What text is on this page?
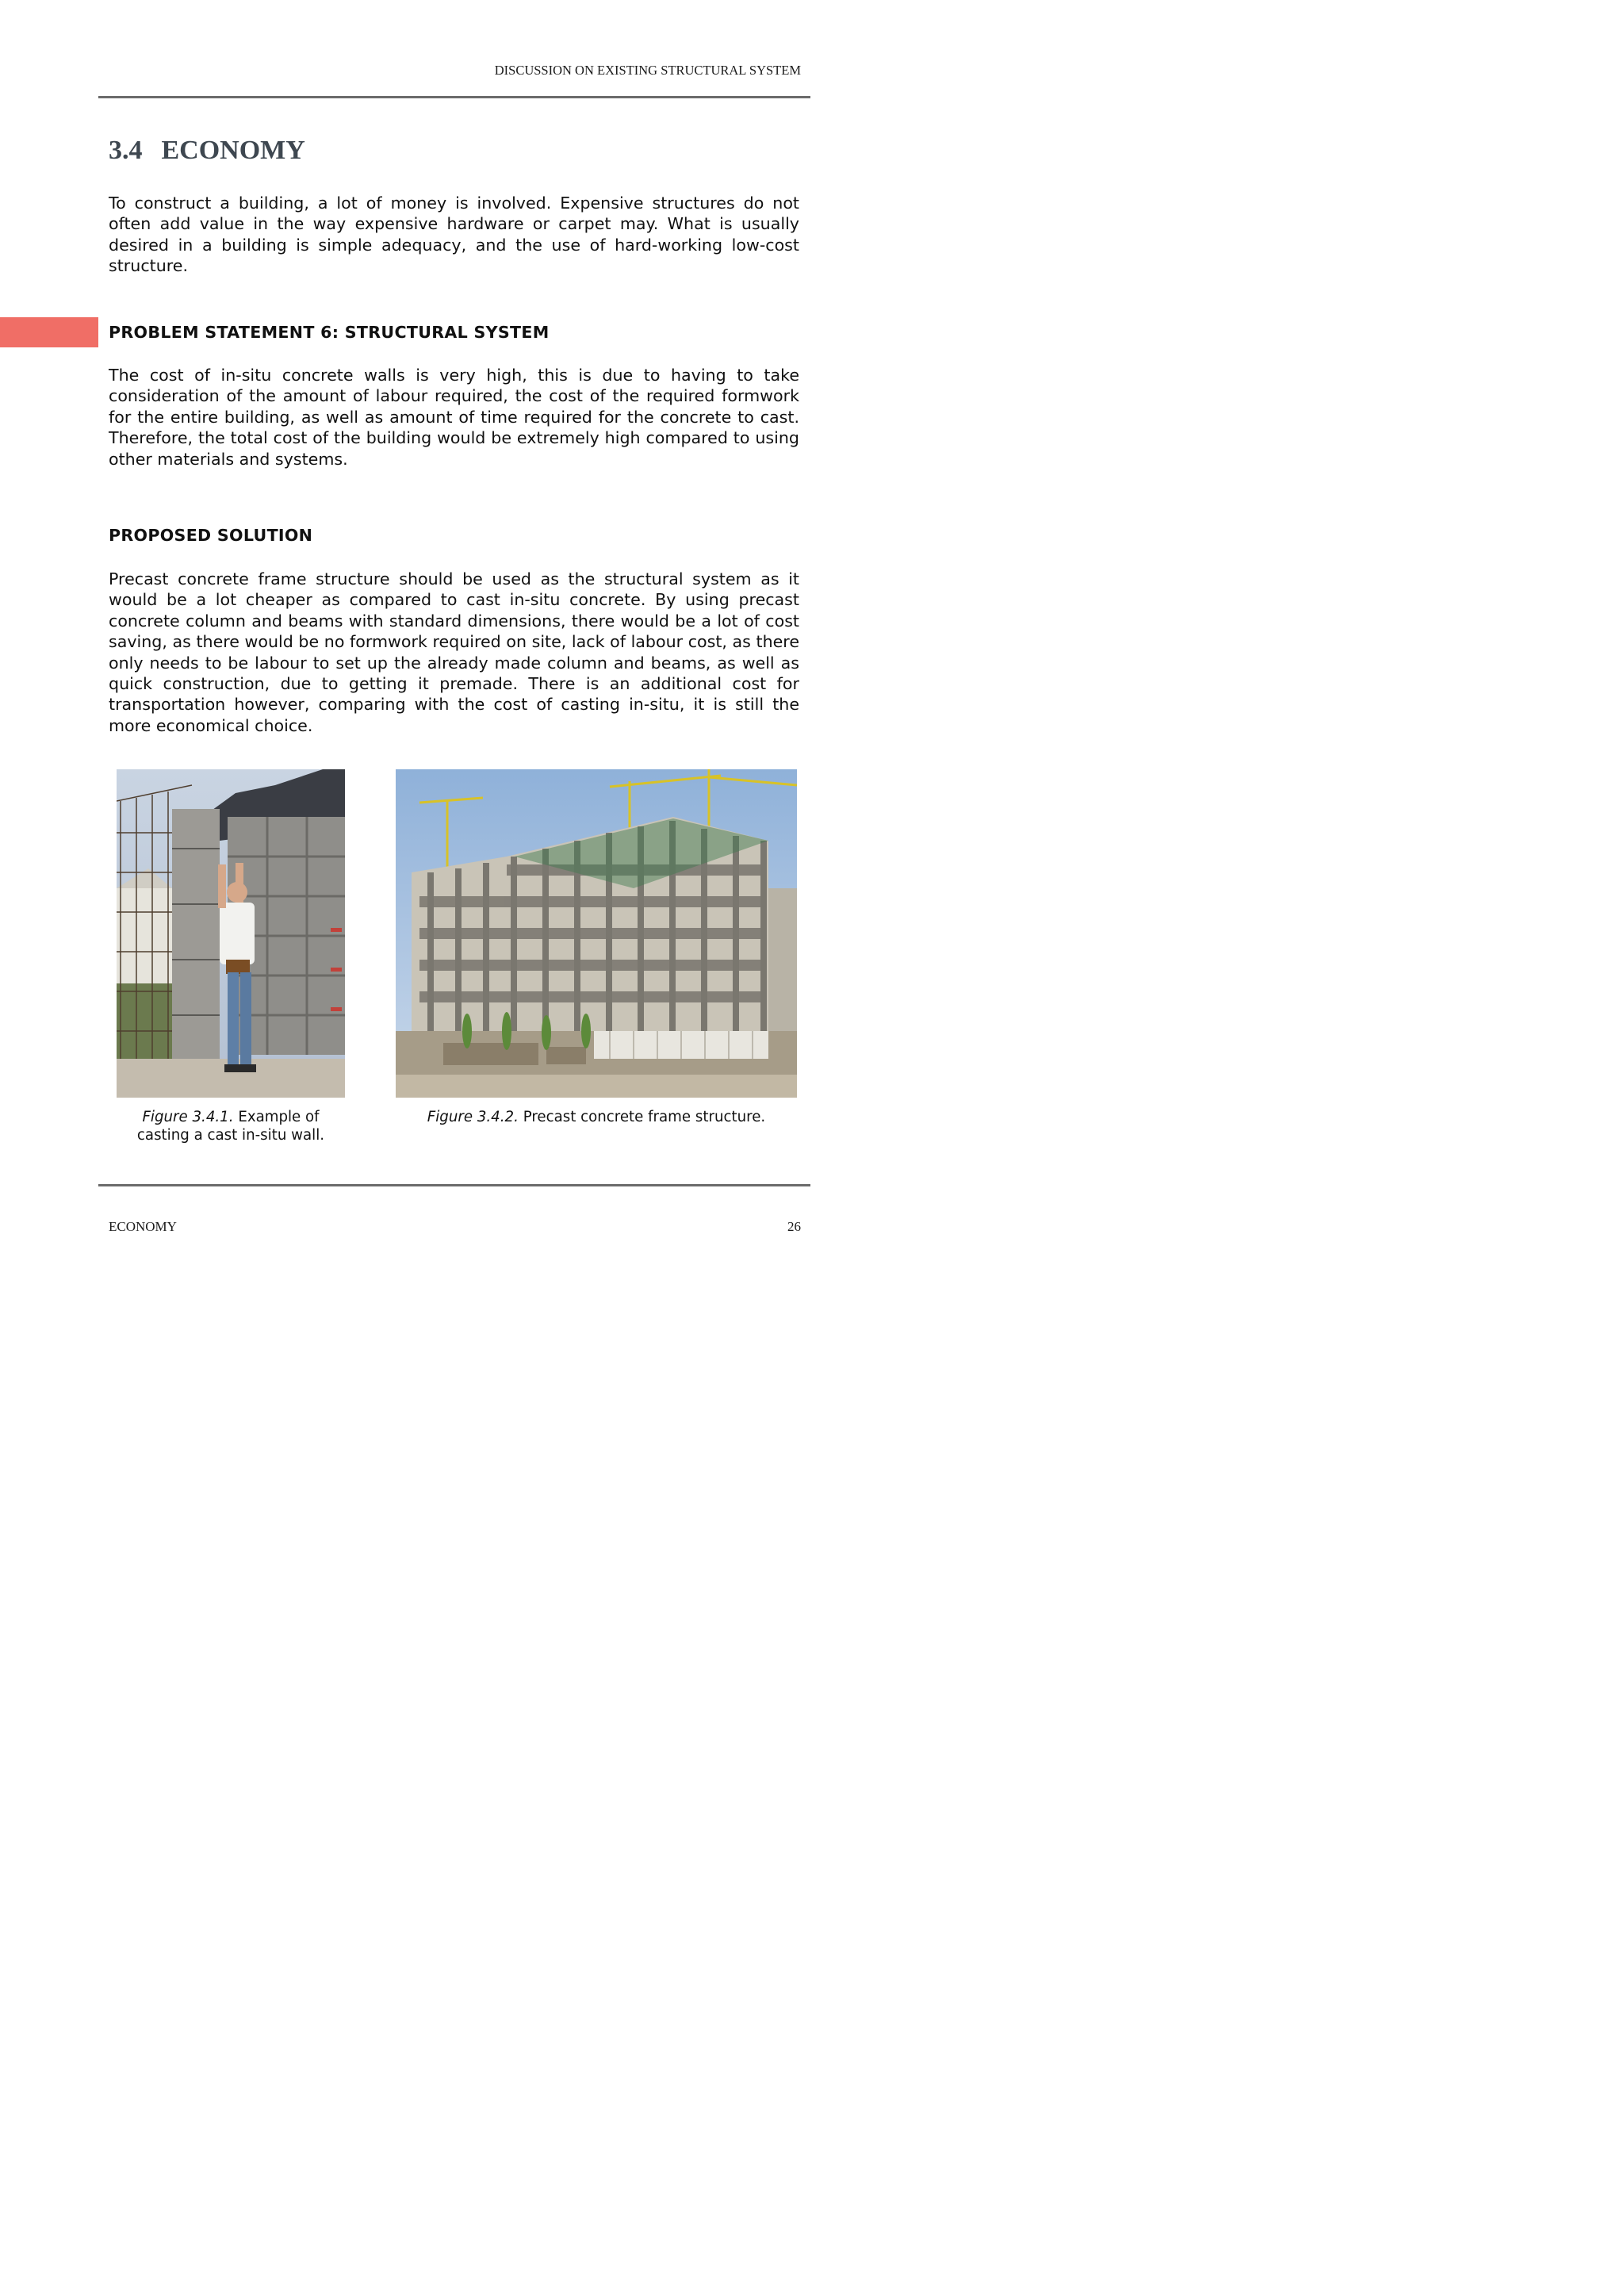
DISCUSSION ON EXISTING STRUCTURAL SYSTEM
3.4 ECONOMY

To construct a building, a lot of money is involved. Expensive structures do not often add value in the way expensive hardware or carpet may. What is usually desired in a building is simple adequacy, and the use of hard-working low-cost structure.

PROBLEM STATEMENT 6: STRUCTURAL SYSTEM

The cost of in-situ concrete walls is very high, this is due to having to take consideration of the amount of labour required, the cost of the required formwork for the entire building, as well as amount of time required for the concrete to cast. Therefore, the total cost of the building would be extremely high compared to using other materials and systems.

PROPOSED SOLUTION

Precast concrete frame structure should be used as the structural system as it would be a lot cheaper as compared to cast in-situ concrete. By using precast concrete column and beams with standard dimensions, there would be a lot of cost saving, as there would be no formwork required on site, lack of labour cost, as there only needs to be labour to set up the already made column and beams, as well as quick construction, due to getting it premade. There is an additional cost for transportation however, comparing with the cost of casting in-situ, it is still the more economical choice.

Figure 3.4.1. Example of casting a cast in-situ wall.

Figure 3.4.2. Precast concrete frame structure.

ECONOMY	26
